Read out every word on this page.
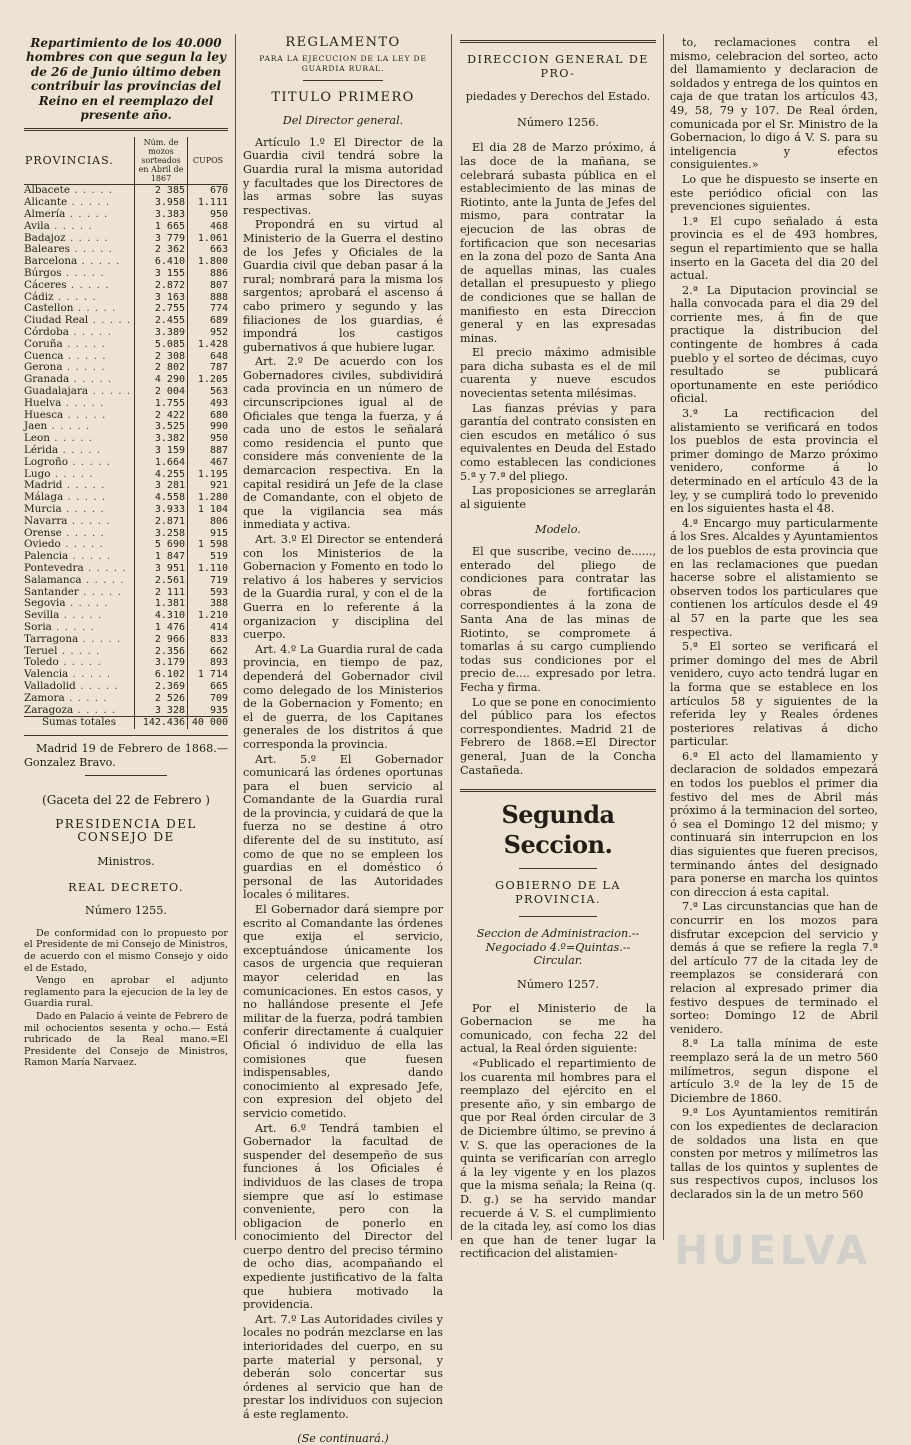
Repartimiento de los 40.000 hombres con que segun la ley de 26 de Junio último deben contribuir las provincias del Reino en el reemplazo del presente año.

PROVINCIAS.	Núm. de mozos sorteados en Abril de 1867	CUPOS
Albacete . . . . .	2 385	670
Alicante . . . . .	3.958	1.111
Almería . . . . .	3.383	950
Avila . . . . .	1 665	468
Badajoz . . . . .	3 779	1.061
Baleares . . . . .	2 362	663
Barcelona . . . . .	6.410	1.800
Búrgos . . . . .	3 155	886
Cáceres . . . . .	2.872	807
Cádiz . . . . .	3 163	888
Castellon . . . . .	2.755	774
Ciudad Real . . . . .	2.455	689
Córdoba . . . . .	3.389	952
Coruña . . . . .	5.085	1.428
Cuenca . . . . .	2 308	648
Gerona . . . . .	2 802	787
Granada . . . . .	4 290	1.205
Guadalajara . . . . .	2 004	563
Huelva . . . . .	1.755	493
Huesca . . . . .	2 422	680
Jaen . . . . .	3.525	990
Leon . . . . .	3.382	950
Lérida . . . . .	3 159	887
Logroño . . . . .	1.664	467
Lugo . . . . .	4.255	1.195
Madrid . . . . .	3 281	921
Málaga . . . . .	4.558	1.280
Murcia . . . . .	3.933	1 104
Navarra . . . . .	2.871	806
Orense . . . . .	3.258	915
Oviedo . . . . .	5 690	1 598
Palencia . . . . .	1 847	519
Pontevedra . . . . .	3 951	1.110
Salamanca . . . . .	2.561	719
Santander . . . . .	2 111	593
Segovia . . . . .	1.381	388
Sevilla . . . . .	4.310	1.210
Soria . . . . .	1 476	414
Tarragona . . . . .	2 966	833
Teruel . . . . .	2.356	662
Toledo . . . . .	3.179	893
Valencia . . . . .	6.102	1 714
Valladolid . . . . .	2.369	665
Zamora . . . . .	2 526	709
Zaragoza . . . . .	3 328	935
Sumas totales	142.436	40 000

Madrid 19 de Febrero de 1868.— Gonzalez Bravo.

(Gaceta del 22 de Febrero )

PRESIDENCIA DEL CONSEJO DE

Ministros.

REAL DECRETO.

Número 1255.

De conformidad con lo propuesto por el Presidente de mi Consejo de Ministros, de acuerdo con el mismo Consejo y oido el de Estado,

Vengo en aprobar el adjunto reglamento para la ejecucion de la ley de Guardia rural.

Dado en Palacio á veinte de Febrero de mil ochocientos sesenta y ocho.— Está rubricado de la Real mano.=El Presidente del Consejo de Ministros, Ramon María Narvaez.

REGLAMENTO

PARA LA EJECUCION DE LA LEY DE GUARDIA RURAL.

TITULO PRIMERO

Del Director general.

Artículo 1.º El Director de la Guardia civil tendrá sobre la Guardia rural la misma autoridad y facultades que los Directores de las armas sobre las suyas respectivas.

Propondrá en su virtud al Ministerio de la Guerra el destino de los Jefes y Oficiales de la Guardia civil que deban pasar á la rural; nombrará para la misma los sargentos; aprobará el ascenso á cabo primero y segundo y las filiaciones de los guardias, é impondrá los castigos gubernativos á que hubiere lugar.

Art. 2.º De acuerdo con los Gobernadores civiles, subdividirá cada provincia en un número de circunscripciones igual al de Oficiales que tenga la fuerza, y á cada uno de estos le señalará como residencia el punto que considere más conveniente de la demarcacion respectiva. En la capital residirá un Jefe de la clase de Comandante, con el objeto de que la vigilancia sea más inmediata y activa.

Art. 3.º El Director se entenderá con los Ministerios de la Gobernacion y Fomento en todo lo relativo á los haberes y servicios de la Guardia rural, y con el de la Guerra en lo referente á la organizacion y disciplina del cuerpo.

Art. 4.º La Guardia rural de cada provincia, en tiempo de paz, dependerá del Gobernador civil como delegado de los Ministerios de la Gobernacion y Fomento; en el de guerra, de los Capitanes generales de los distritos á que corresponda la provincia.

Art. 5.º El Gobernador comunicará las órdenes oportunas para el buen servicio al Comandante de la Guardia rural de la provincia, y cuidará de que la fuerza no se destine á otro diferente del de su instituto, así como de que no se empleen los guardias en el doméstico ó personal de las Autoridades locales ó militares.

El Gobernador dará siempre por escrito al Comandante las órdenes que exija el servicio, exceptuándose únicamente los casos de urgencia que requieran mayor celeridad en las comunicaciones. En estos casos, y no hallándose presente el Jefe militar de la fuerza, podrá tambien conferir directamente á cualquier Oficial ó individuo de ella las comisiones que fuesen indispensables, dando conocimiento al expresado Jefe, con expresion del objeto del servicio cometido.

Art. 6.º Tendrá tambien el Gobernador la facultad de suspender del desempeño de sus funciones á los Oficiales é individuos de las clases de tropa siempre que así lo estimase conveniente, pero con la obligacion de ponerlo en conocimiento del Director del cuerpo dentro del preciso término de ocho dias, acompañando el expediente justificativo de la falta que hubiera motivado la providencia.

Art. 7.º Las Autoridades civiles y locales no podrán mezclarse en las interioridades del cuerpo, en su parte material y personal, y deberán solo concertar sus órdenes al servicio que han de prestar los individuos con sujecion á este reglamento.

(Se continuará.)

DIRECCION GENERAL DE PRO-

piedades y Derechos del Estado.

Número 1256.

El dia 28 de Marzo próximo, á las doce de la mañana, se celebrará subasta pública en el establecimiento de las minas de Riotinto, ante la Junta de Jefes del mismo, para contratar la ejecucion de las obras de fortificacion que son necesarias en la zona del pozo de Santa Ana de aquellas minas, las cuales detallan el presupuesto y pliego de condiciones que se hallan de manifiesto en esta Direccion general y en las expresadas minas.

El precio máximo admisible para dicha subasta es el de mil cuarenta y nueve escudos novecientas setenta milésimas.

Las fianzas prévias y para garantía del contrato consisten en cien escudos en metálico ó sus equivalentes en Deuda del Estado como establecen las condiciones 5.ª y 7.ª del pliego.

Las proposiciones se arreglarán al siguiente

Modelo.

El que suscribe, vecino de......, enterado del pliego de condiciones para contratar las obras de fortificacion correspondientes á la zona de Santa Ana de las minas de Riotinto, se compromete á tomarlas á su cargo cumpliendo todas sus condiciones por el precio de.... expresado por letra. Fecha y firma.

Lo que se pone en conocimiento del público para los efectos correspondientes. Madrid 21 de Febrero de 1868.=El Director general, Juan de la Concha Castañeda.

Segunda Seccion.

GOBIERNO DE LA PROVINCIA.

Seccion de Administracion.--Negociado 4.º=Quintas.-- Circular.

Número 1257.

Por el Ministerio de la Gobernacion se me ha comunicado, con fecha 22 del actual, la Real órden siguiente:

«Publicado el repartimiento de los cuarenta mil hombres para el reemplazo del ejército en el presente año, y sin embargo de que por Real órden circular de 3 de Diciembre último, se previno á V. S. que las operaciones de la quinta se verificarían con arreglo á la ley vigente y en los plazos que la misma señala; la Reina (q. D. g.) se ha servido mandar recuerde á V. S. el cumplimiento de la citada ley, así como los dias en que han de tener lugar la rectificacion del alistamien-

to, reclamaciones contra el mismo, celebracion del sorteo, acto del llamamiento y declaracion de soldados y entrega de los quintos en caja de que tratan los artículos 43, 49, 58, 79 y 107. De Real órden, comunicada por el Sr. Ministro de la Gobernacion, lo digo á V. S. para su inteligencia y efectos consiguientes.»

Lo que he dispuesto se inserte en este periódico oficial con las prevenciones siguientes.

1.ª El cupo señalado á esta provincia es el de 493 hombres, segun el repartimiento que se halla inserto en la Gaceta del dia 20 del actual.

2.ª La Diputacion provincial se halla convocada para el dia 29 del corriente mes, á fin de que practique la distribucion del contingente de hombres á cada pueblo y el sorteo de décimas, cuyo resultado se publicará oportunamente en este periódico oficial.

3.ª La rectificacion del alistamiento se verificará en todos los pueblos de esta provincia el primer domingo de Marzo próximo venidero, conforme á lo determinado en el artículo 43 de la ley, y se cumplirá todo lo prevenido en los siguientes hasta el 48.

4.ª Encargo muy particularmente á los Sres. Alcaldes y Ayuntamientos de los pueblos de esta provincia que en las reclamaciones que puedan hacerse sobre el alistamiento se observen todos los particulares que contienen los artículos desde el 49 al 57 en la parte que les sea respectiva.

5.ª El sorteo se verificará el primer domingo del mes de Abril venidero, cuyo acto tendrá lugar en la forma que se establece en los artículos 58 y siguientes de la referida ley y Reales órdenes posteriores relativas á dicho particular.

6.ª El acto del llamamiento y declaracion de soldados empezará en todos los pueblos el primer dia festivo del mes de Abril más próximo á la terminacion del sorteo, ó sea el Domingo 12 del mismo; y continuará sin interrupcion en los dias siguientes que fueren precisos, terminando ántes del designado para ponerse en marcha los quintos con direccion á esta capital.

7.ª Las circunstancias que han de concurrir en los mozos para disfrutar excepcion del servicio y demás á que se refiere la regla 7.ª del artículo 77 de la citada ley de reemplazos se considerará con relacion al expresado primer dia festivo despues de terminado el sorteo: Domingo 12 de Abril venidero.

8.ª La talla mínima de este reemplazo será la de un metro 560 milímetros, segun dispone el artículo 3.º de la ley de 15 de Diciembre de 1860.

9.ª Los Ayuntamientos remitirán con los expedientes de declaracion de soldados una lista en que consten por metros y milímetros las tallas de los quintos y suplentes de sus respectivos cupos, inclusos los declarados sin la de un metro 560

HUELVA
